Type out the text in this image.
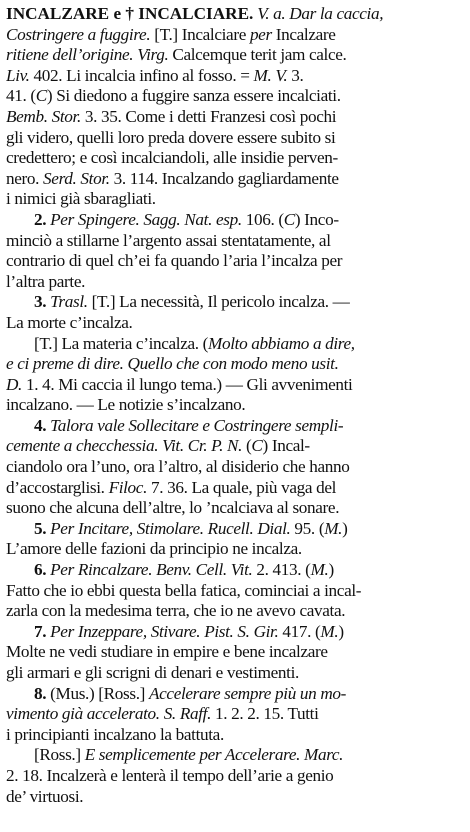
INCALZARE e † INCALCIARE. V. a. Dar la caccia,
Costringere a fuggire. [T.] Incalciare per Incalzare
ritiene dell’origine. Virg. Calcemque terit jam calce.
Liv. 402. Li incalcia infino al fosso. = M. V. 3.
41. (C) Si diedono a fuggire sanza essere incalciati.
Bemb. Stor. 3. 35. Come i detti Franzesi così pochi
gli videro, quelli loro preda dovere essere subito si
credettero; e così incalciandoli, alle insidie perven-
nero. Serd. Stor. 3. 114. Incalzando gagliardamente
i nimici già sbaragliati.
2. Per Spingere. Sagg. Nat. esp. 106. (C) Inco-
minciò a stillarne l’argento assai stentatamente, al
contrario di quel ch’ei fa quando l’aria l’incalza per
l’altra parte.
3. Trasl. [T.] La necessità, Il pericolo incalza. —
La morte c’incalza.
[T.] La materia c’incalza. (Molto abbiamo a dire,
e ci preme di dire. Quello che con modo meno usit.
D. 1. 4. Mi caccia il lungo tema.) — Gli avvenimenti
incalzano. — Le notizie s’incalzano.
4. Talora vale Sollecitare e Costringere sempli-
cemente a checchessia. Vit. Cr. P. N. (C) Incal-
ciandolo ora l’uno, ora l’altro, al disiderio che hanno
d’accostarglisi. Filoc. 7. 36. La quale, più vaga del
suono che alcuna dell’altre, lo ’ncalciava al sonare.
5. Per Incitare, Stimolare. Rucell. Dial. 95. (M.)
L’amore delle fazioni da principio ne incalza.
6. Per Rincalzare. Benv. Cell. Vit. 2. 413. (M.)
Fatto che io ebbi questa bella fatica, cominciai a incal-
zarla con la medesima terra, che io ne avevo cavata.
7. Per Inzeppare, Stivare. Pist. S. Gir. 417. (M.)
Molte ne vedi studiare in empire e bene incalzare
gli armari e gli scrigni di denari e vestimenti.
8. (Mus.) [Ross.] Accelerare sempre più un mo-
vimento già accelerato. S. Raff. 1. 2. 2. 15. Tutti
i principianti incalzano la battuta.
[Ross.] E semplicemente per Accelerare. Marc.
2. 18. Incalzerà e lenterà il tempo dell’arie a genio
de’ virtuosi.
